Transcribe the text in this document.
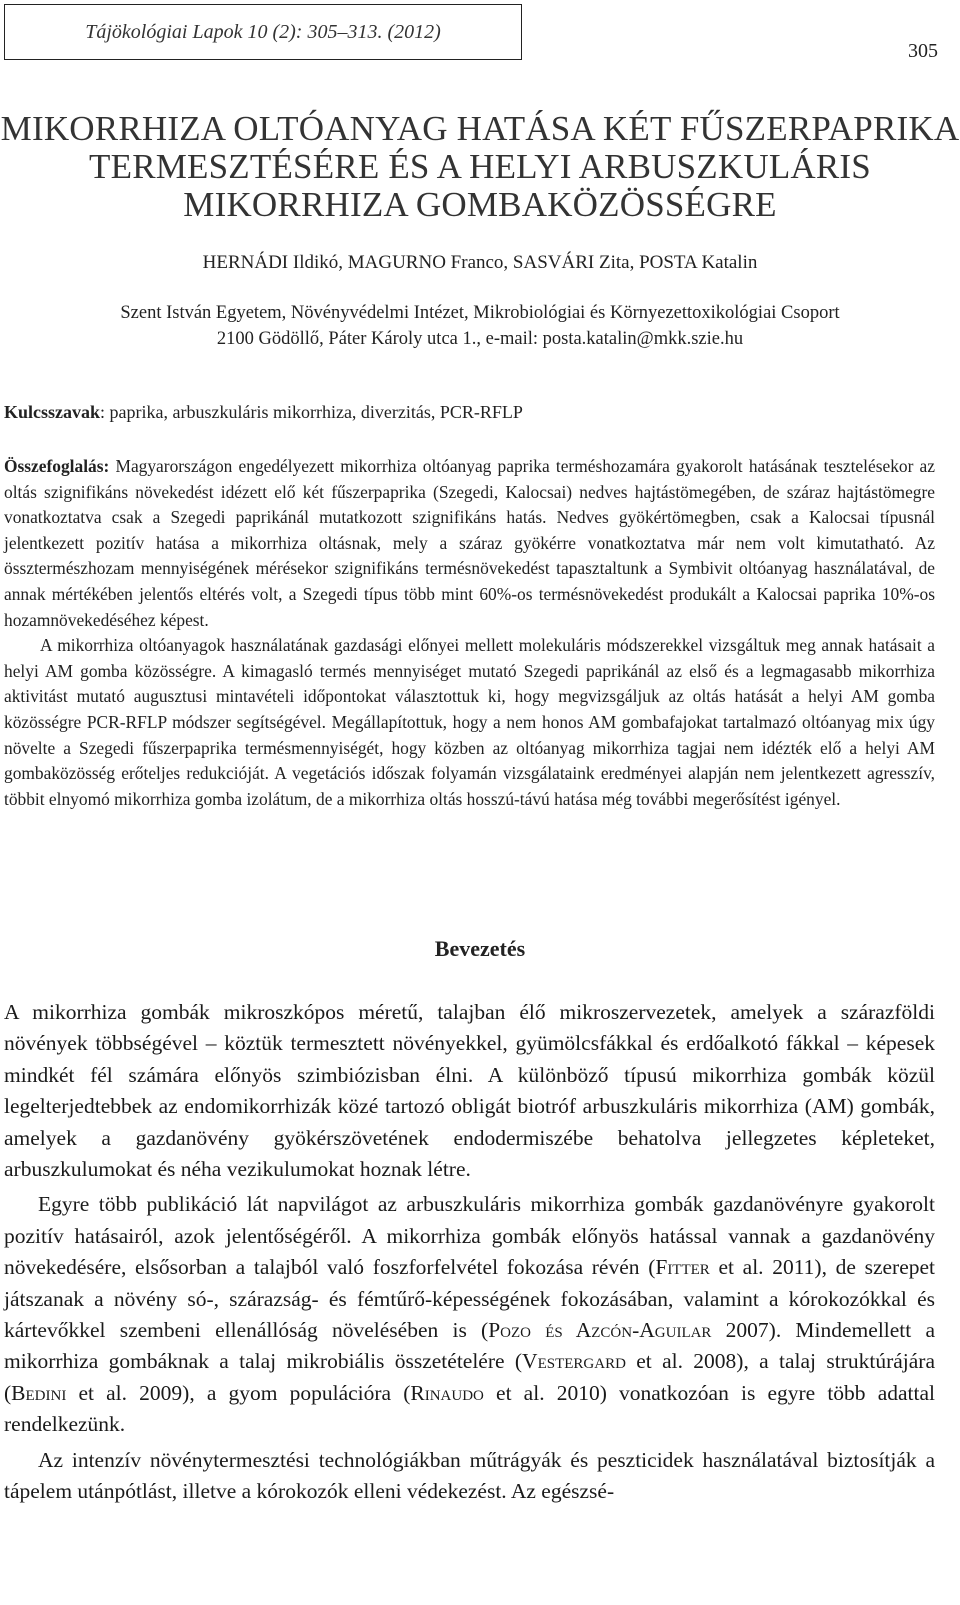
Tájökológiai Lapok 10 (2): 305–313. (2012)
305
MIKORRHIZA OLTÓANYAG HATÁSA KÉT FŰSZERPAPRIKA
TERMESZTÉSÉRE ÉS A HELYI ARBUSZKULÁRIS
MIKORRHIZA GOMBAKÖZÖSSÉGRE
HERNÁDI Ildikó, MAGURNO Franco, SASVÁRI Zita, POSTA Katalin
Szent István Egyetem, Növényvédelmi Intézet, Mikrobiológiai és Környezettoxikológiai Csoport
2100 Gödöllő, Páter Károly utca 1., e-mail: posta.katalin@mkk.szie.hu
Kulcsszavak: paprika, arbuszkuláris mikorrhiza, diverzitás, PCR-RFLP

Összefoglalás: Magyarországon engedélyezett mikorrhiza oltóanyag paprika terméshozamára gyakorolt hatásának tesztelésekor az oltás szignifikáns növekedést idézett elő két fűszerpaprika (Szegedi, Kalocsai) nedves hajtástömegében, de száraz hajtástömegre vonatkoztatva csak a Szegedi paprikánál mutatkozott szignifikáns hatás. Nedves gyökértömegben, csak a Kalocsai típusnál jelentkezett pozitív hatása a mikorrhiza oltásnak, mely a száraz gyökérre vonatkoztatva már nem volt kimutatható. Az össztermészhozam mennyiségének mérésekor szignifikáns termésnövekedést tapasztaltunk a Symbivit oltóanyag használatával, de annak mértékében jelentős eltérés volt, a Szegedi típus több mint 60%-os termésnövekedést produkált a Kalocsai paprika 10%-os hozamnövekedéséhez képest.

A mikorrhiza oltóanyagok használatának gazdasági előnyei mellett molekuláris módszerekkel vizsgáltuk meg annak hatásait a helyi AM gomba közösségre. A kimagasló termés mennyiséget mutató Szegedi paprikánál az első és a legmagasabb mikorrhiza aktivitást mutató augusztusi mintavételi időpontokat választottuk ki, hogy megvizsgáljuk az oltás hatását a helyi AM gomba közösségre PCR-RFLP módszer segítségével. Megállapítottuk, hogy a nem honos AM gombafajokat tartalmazó oltóanyag mix úgy növelte a Szegedi fűszerpaprika termésmennyiségét, hogy közben az oltóanyag mikorrhiza tagjai nem idézték elő a helyi AM gombaközösség erőteljes redukcióját. A vegetációs időszak folyamán vizsgálataink eredményei alapján nem jelentkezett agresszív, többit elnyomó mikorrhiza gomba izolátum, de a mikorrhiza oltás hosszú-távú hatása még további megerősítést igényel.

Bevezetés

A mikorrhiza gombák mikroszkópos méretű, talajban élő mikroszervezetek, amelyek a szárazföldi növények többségével – köztük termesztett növényekkel, gyümölcsfákkal és erdőalkotó fákkal – képesek mindkét fél számára előnyös szimbiózisban élni. A különböző típusú mikorrhiza gombák közül legelterjedtebbek az endomikorrhizák közé tartozó obligát biotróf arbuszkuláris mikorrhiza (AM) gombák, amelyek a gazdanövény gyökérszövetének endodermiszébe behatolva jellegzetes képleteket, arbuszkulumokat és néha vezikulumokat hoznak létre.

Egyre több publikáció lát napvilágot az arbuszkuláris mikorrhiza gombák gazdanövényre gyakorolt pozitív hatásairól, azok jelentőségéről. A mikorrhiza gombák előnyös hatással vannak a gazdanövény növekedésére, elsősorban a talajból való foszforfelvétel fokozása révén (Fitter et al. 2011), de szerepet játszanak a növény só-, szárazság- és fémtűrő-képességének fokozásában, valamint a kórokozókkal és kártevőkkel szembeni ellenállóság növelésében is (Pozo és Azcón-Aguilar 2007). Mindemellett a mikorrhiza gombáknak a talaj mikrobiális összetételére (Vestergard et al. 2008), a talaj struktúrájára (Bedini et al. 2009), a gyom populációra (Rinaudo et al. 2010) vonatkozóan is egyre több adattal rendelkezünk.

Az intenzív növénytermesztési technológiákban műtrágyák és peszticidek használatával biztosítják a tápelem utánpótlást, illetve a kórokozók elleni védekezést. Az egészsé-
